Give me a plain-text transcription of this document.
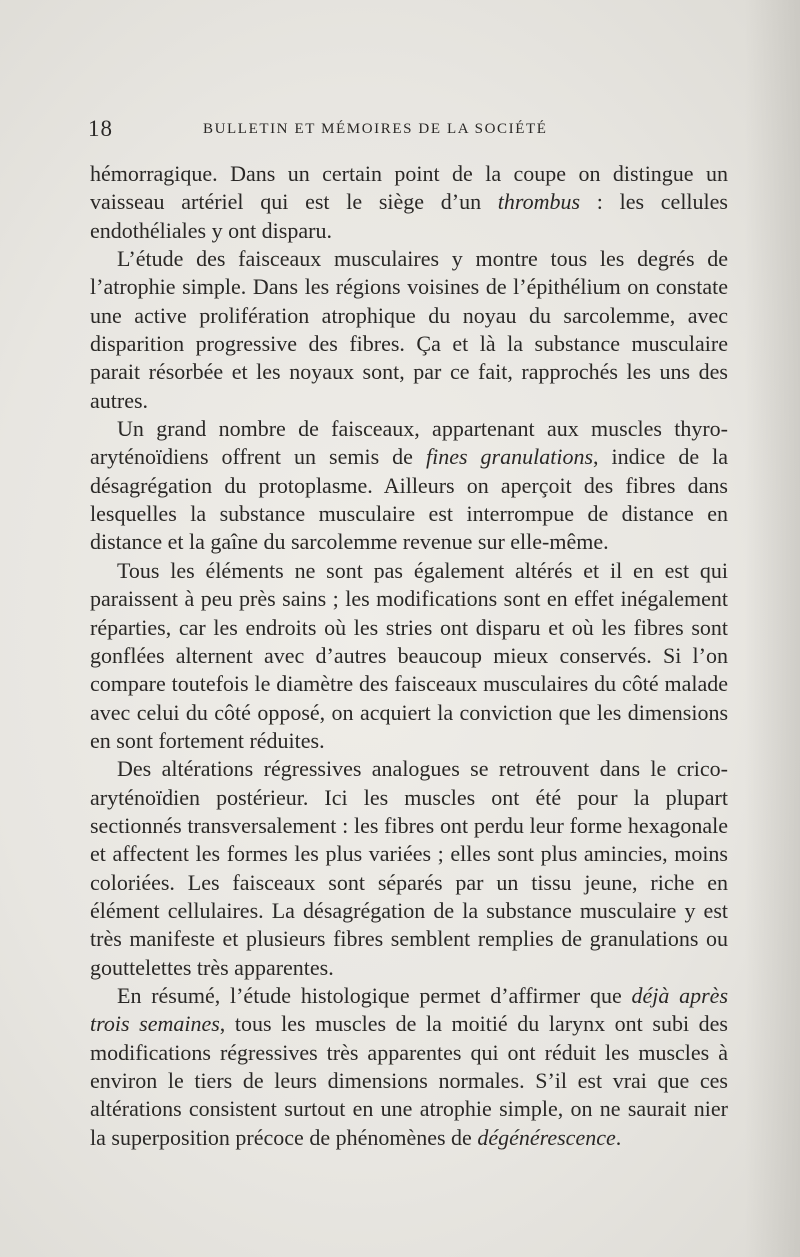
18	BULLETIN ET MÉMOIRES DE LA SOCIÉTÉ

hémorragique. Dans un certain point de la coupe on distingue un vaisseau artériel qui est le siège d’un thrombus : les cellules endothéliales y ont disparu.

L’étude des faisceaux musculaires y montre tous les degrés de l’atrophie simple. Dans les régions voisines de l’épithélium on constate une active prolifération atrophique du noyau du sarcolemme, avec disparition progressive des fibres. Ça et là la substance musculaire parait résorbée et les noyaux sont, par ce fait, rapprochés les uns des autres.

Un grand nombre de faisceaux, appartenant aux muscles thyro-aryténoïdiens offrent un semis de fines granulations, indice de la désagrégation du protoplasme. Ailleurs on aperçoit des fibres dans lesquelles la substance musculaire est interrompue de distance en distance et la gaîne du sarcolemme revenue sur elle-même.

Tous les éléments ne sont pas également altérés et il en est qui paraissent à peu près sains ; les modifications sont en effet inégalement réparties, car les endroits où les stries ont disparu et où les fibres sont gonflées alternent avec d’autres beaucoup mieux conservés. Si l’on compare toutefois le diamètre des faisceaux musculaires du côté malade avec celui du côté opposé, on acquiert la conviction que les dimensions en sont fortement réduites.

Des altérations régressives analogues se retrouvent dans le crico-aryténoïdien postérieur. Ici les muscles ont été pour la plupart sectionnés transversalement : les fibres ont perdu leur forme hexagonale et affectent les formes les plus variées ; elles sont plus amincies, moins coloriées. Les faisceaux sont séparés par un tissu jeune, riche en élément cellulaires. La désagrégation de la substance musculaire y est très manifeste et plusieurs fibres semblent remplies de granulations ou gouttelettes très apparentes.

En résumé, l’étude histologique permet d’affirmer que déjà après trois semaines, tous les muscles de la moitié du larynx ont subi des modifications régressives très apparentes qui ont réduit les muscles à environ le tiers de leurs dimensions normales. S’il est vrai que ces altérations consistent surtout en une atrophie simple, on ne saurait nier la superposition précoce de phénomènes de dégénérescence.
